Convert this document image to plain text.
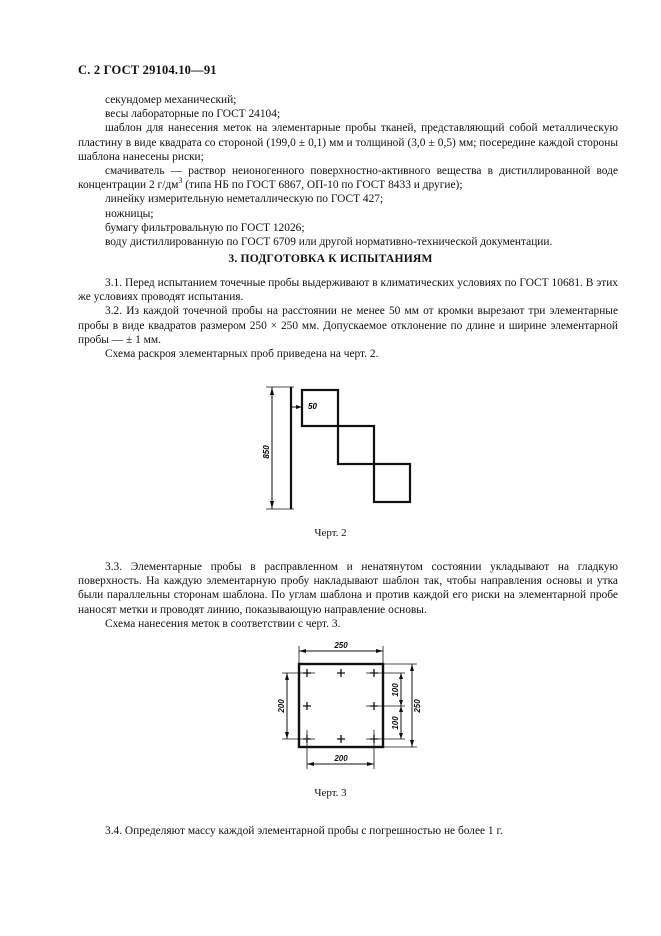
С. 2 ГОСТ 29104.10—91

секундомер механический;

весы лабораторные по ГОСТ 24104;

шаблон для нанесения меток на элементарные пробы тканей, представляющий собой металлическую пластину в виде квадрата со стороной (199,0 ± 0,1) мм и толщиной (3,0 ± 0,5) мм; посередине каждой стороны шаблона нанесены риски;

смачиватель — раствор неионогенного поверхностно-активного вещества в дистиллированной воде концентрации 2 $г/дм^3$ (типа НБ по ГОСТ 6867, ОП-10 по ГОСТ 8433 и другие);

линейку измерительную неметаллическую по ГОСТ 427;

ножницы;

бумагу фильтровальную по ГОСТ 12026;

воду дистиллированную по ГОСТ 6709 или другой нормативно-технической документации.

3. ПОДГОТОВКА К ИСПЫТАНИЯМ

3.1. Перед испытанием точечные пробы выдерживают в климатических условиях по ГОСТ 10681. В этих же условиях проводят испытания.

3.2. Из каждой точечной пробы на расстоянии не менее 50 мм от кромки вырезают три элементарные пробы в виде квадратов размером 250 × 250 мм. Допускаемое отклонение по длине и ширине элементарной пробы — ± 1 мм.

Схема раскроя элементарных проб приведена на черт. 2.

50
850
Черт. 2

3.3. Элементарные пробы в расправленном и ненатянутом состоянии укладывают на гладкую поверхность. На каждую элементарную пробу накладывают шаблон так, чтобы направления основы и утка были параллельны сторонам шаблона. По углам шаблона и против каждой его риски на элементарной пробе наносят метки и проводят линию, показывающую направление основы.

Схема нанесения меток в соответствии с черт. 3.

250
200
200	250
100
100
Черт. 3

3.4. Определяют массу каждой элементарной пробы с погрешностью не более 1 г.
